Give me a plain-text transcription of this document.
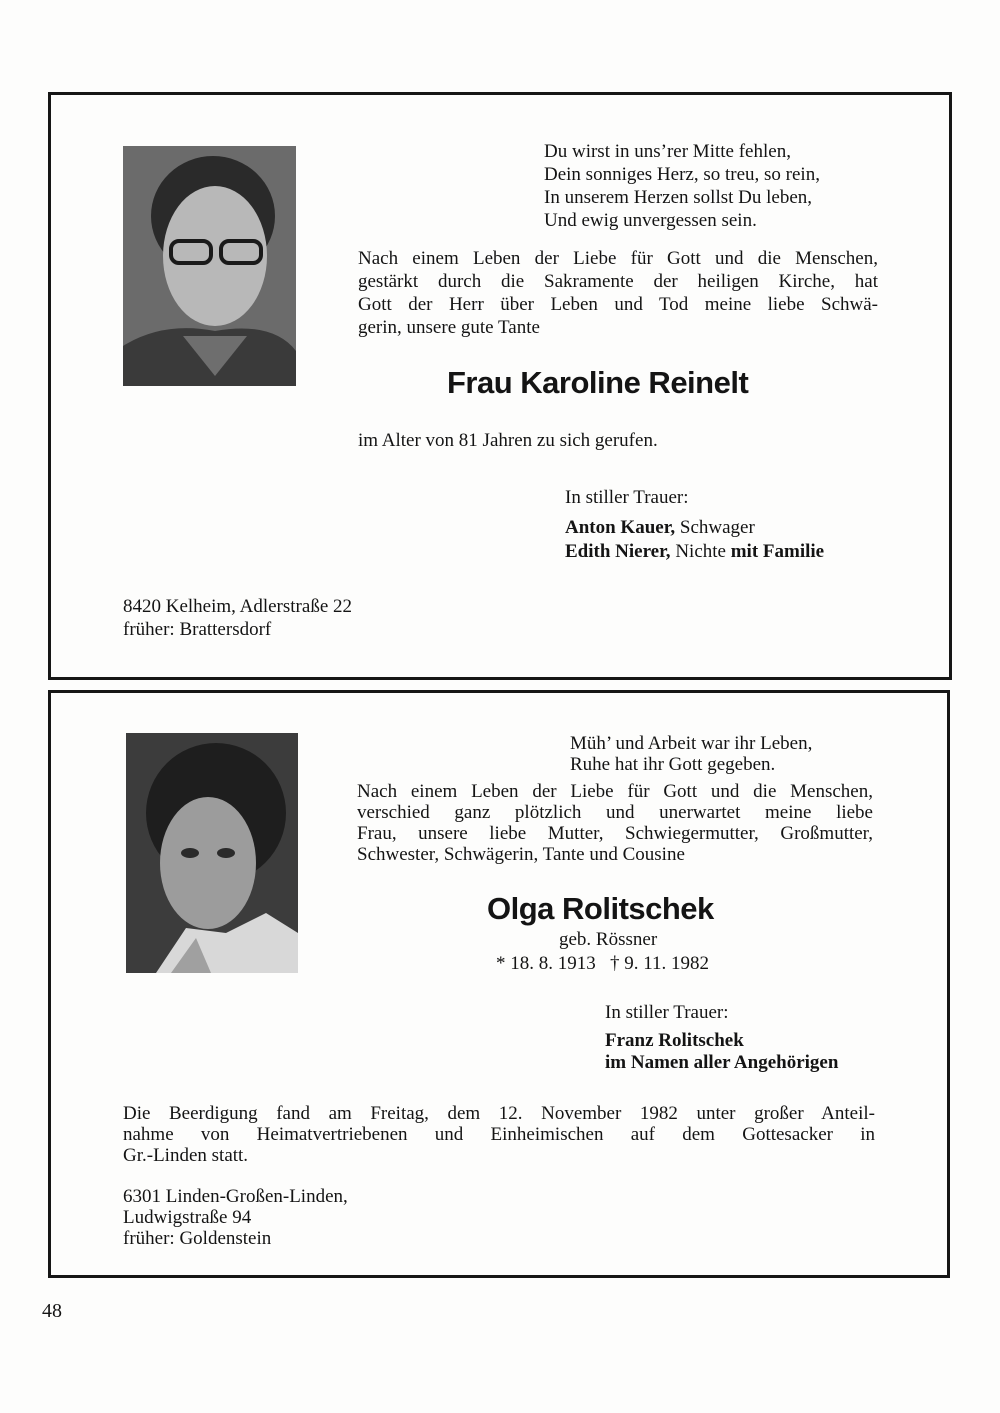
Du wirst in uns’rer Mitte fehlen,
Dein sonniges Herz, so treu, so rein,
In unserem Herzen sollst Du leben,
Und ewig unvergessen sein.
Nach einem Leben der Liebe für Gott und die Menschen,
gestärkt durch die Sakramente der heiligen Kirche, hat
Gott der Herr über Leben und Tod meine liebe Schwä-
gerin, unsere gute Tante
Frau Karoline Reinelt
im Alter von 81 Jahren zu sich gerufen.
In stiller Trauer:
Anton Kauer, Schwager
Edith Nierer, Nichte mit Familie
8420 Kelheim, Adlerstraße 22
früher: Brattersdorf
Müh’ und Arbeit war ihr Leben,
Ruhe hat ihr Gott gegeben.
Nach einem Leben der Liebe für Gott und die Menschen,
verschied ganz plötzlich und unerwartet meine liebe
Frau, unsere liebe Mutter, Schwiegermutter, Großmutter,
Schwester, Schwägerin, Tante und Cousine
Olga Rolitschek
geb. Rössner
* 18. 8. 1913 † 9. 11. 1982
In stiller Trauer:
Franz Rolitschek
im Namen aller Angehörigen
Die Beerdigung fand am Freitag, dem 12. November 1982 unter großer Anteil-
nahme von Heimatvertriebenen und Einheimischen auf dem Gottesacker in
Gr.-Linden statt.
6301 Linden-Großen-Linden,
Ludwigstraße 94
früher: Goldenstein
48
